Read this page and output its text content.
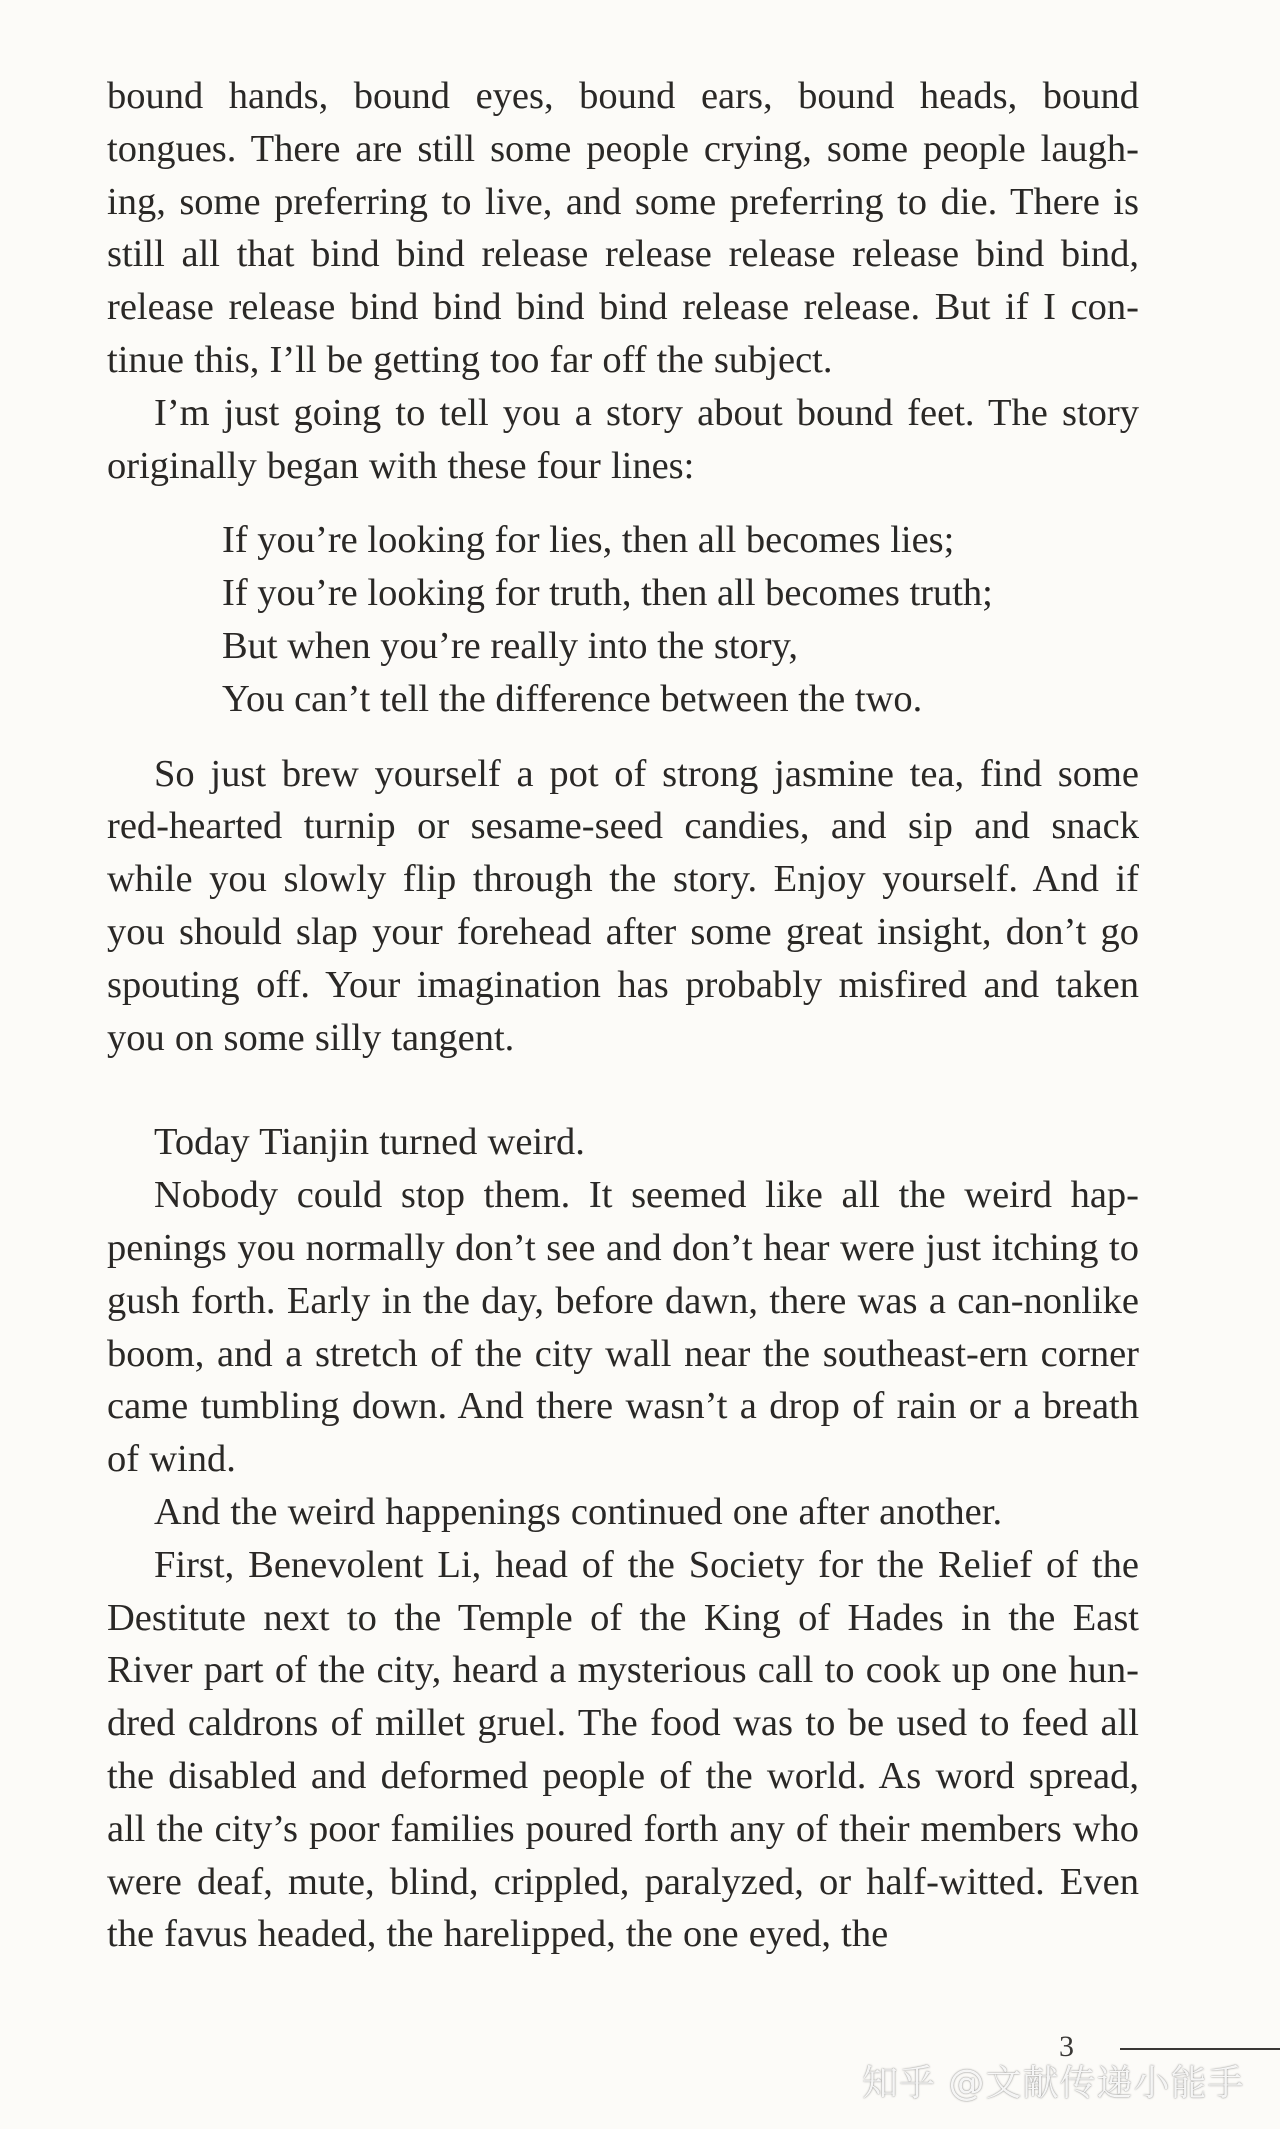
bound hands, bound eyes, bound ears, bound heads, bound tongues. There are still some people crying, some people laugh-ing, some preferring to live, and some preferring to die. There is still all that bind bind release release release release bind bind, release release bind bind bind bind release release. But if I con-tinue this, I’ll be getting too far off the subject.

I’m just going to tell you a story about bound feet. The story originally began with these four lines:

If you’re looking for lies, then all becomes lies;
If you’re looking for truth, then all becomes truth;
But when you’re really into the story,
You can’t tell the difference between the two.

So just brew yourself a pot of strong jasmine tea, find some red-hearted turnip or sesame-seed candies, and sip and snack while you slowly flip through the story. Enjoy yourself. And if you should slap your forehead after some great insight, don’t go spouting off. Your imagination has probably misfired and taken you on some silly tangent.

Today Tianjin turned weird.

Nobody could stop them. It seemed like all the weird hap-penings you normally don’t see and don’t hear were just itching to gush forth. Early in the day, before dawn, there was a can-nonlike boom, and a stretch of the city wall near the southeast-ern corner came tumbling down. And there wasn’t a drop of rain or a breath of wind.

And the weird happenings continued one after another.

First, Benevolent Li, head of the Society for the Relief of the Destitute next to the Temple of the King of Hades in the East River part of the city, heard a mysterious call to cook up one hun-dred caldrons of millet gruel. The food was to be used to feed all the disabled and deformed people of the world. As word spread, all the city’s poor families poured forth any of their members who were deaf, mute, blind, crippled, paralyzed, or half-witted. Even the favus headed, the harelipped, the one eyed, the

3
知乎 @文献传递小能手
